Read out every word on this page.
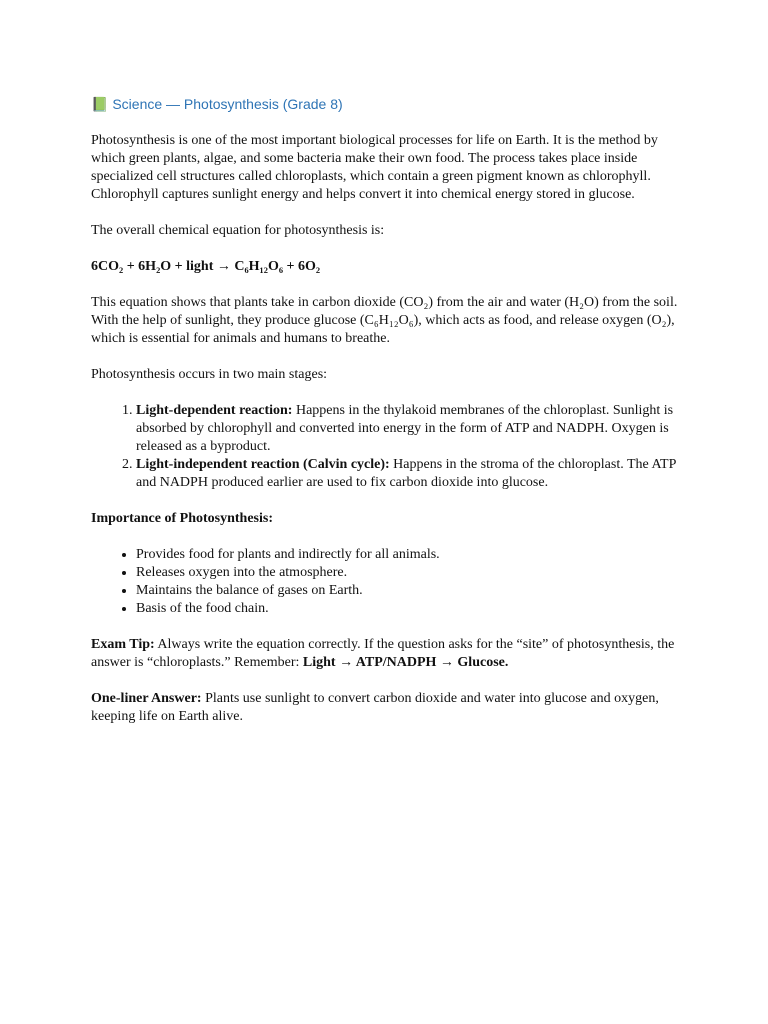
📗 Science — Photosynthesis (Grade 8)

Photosynthesis is one of the most important biological processes for life on Earth. It is the method by which green plants, algae, and some bacteria make their own food. The process takes place inside specialized cell structures called chloroplasts, which contain a green pigment known as chlorophyll. Chlorophyll captures sunlight energy and helps convert it into chemical energy stored in glucose.

The overall chemical equation for photosynthesis is:

6CO₂ + 6H₂O + light → C₆H₁₂O₆ + 6O₂

This equation shows that plants take in carbon dioxide (CO₂) from the air and water (H₂O) from the soil. With the help of sunlight, they produce glucose (C₆H₁₂O₆), which acts as food, and release oxygen (O₂), which is essential for animals and humans to breathe.

Photosynthesis occurs in two main stages:

1. Light-dependent reaction: Happens in the thylakoid membranes of the chloroplast. Sunlight is absorbed by chlorophyll and converted into energy in the form of ATP and NADPH. Oxygen is released as a byproduct.
2. Light-independent reaction (Calvin cycle): Happens in the stroma of the chloroplast. The ATP and NADPH produced earlier are used to fix carbon dioxide into glucose.

Importance of Photosynthesis:

• Provides food for plants and indirectly for all animals.
• Releases oxygen into the atmosphere.
• Maintains the balance of gases on Earth.
• Basis of the food chain.

Exam Tip: Always write the equation correctly. If the question asks for the “site” of photosynthesis, the answer is “chloroplasts.” Remember: Light → ATP/NADPH → Glucose.

One-liner Answer: Plants use sunlight to convert carbon dioxide and water into glucose and oxygen, keeping life on Earth alive.
